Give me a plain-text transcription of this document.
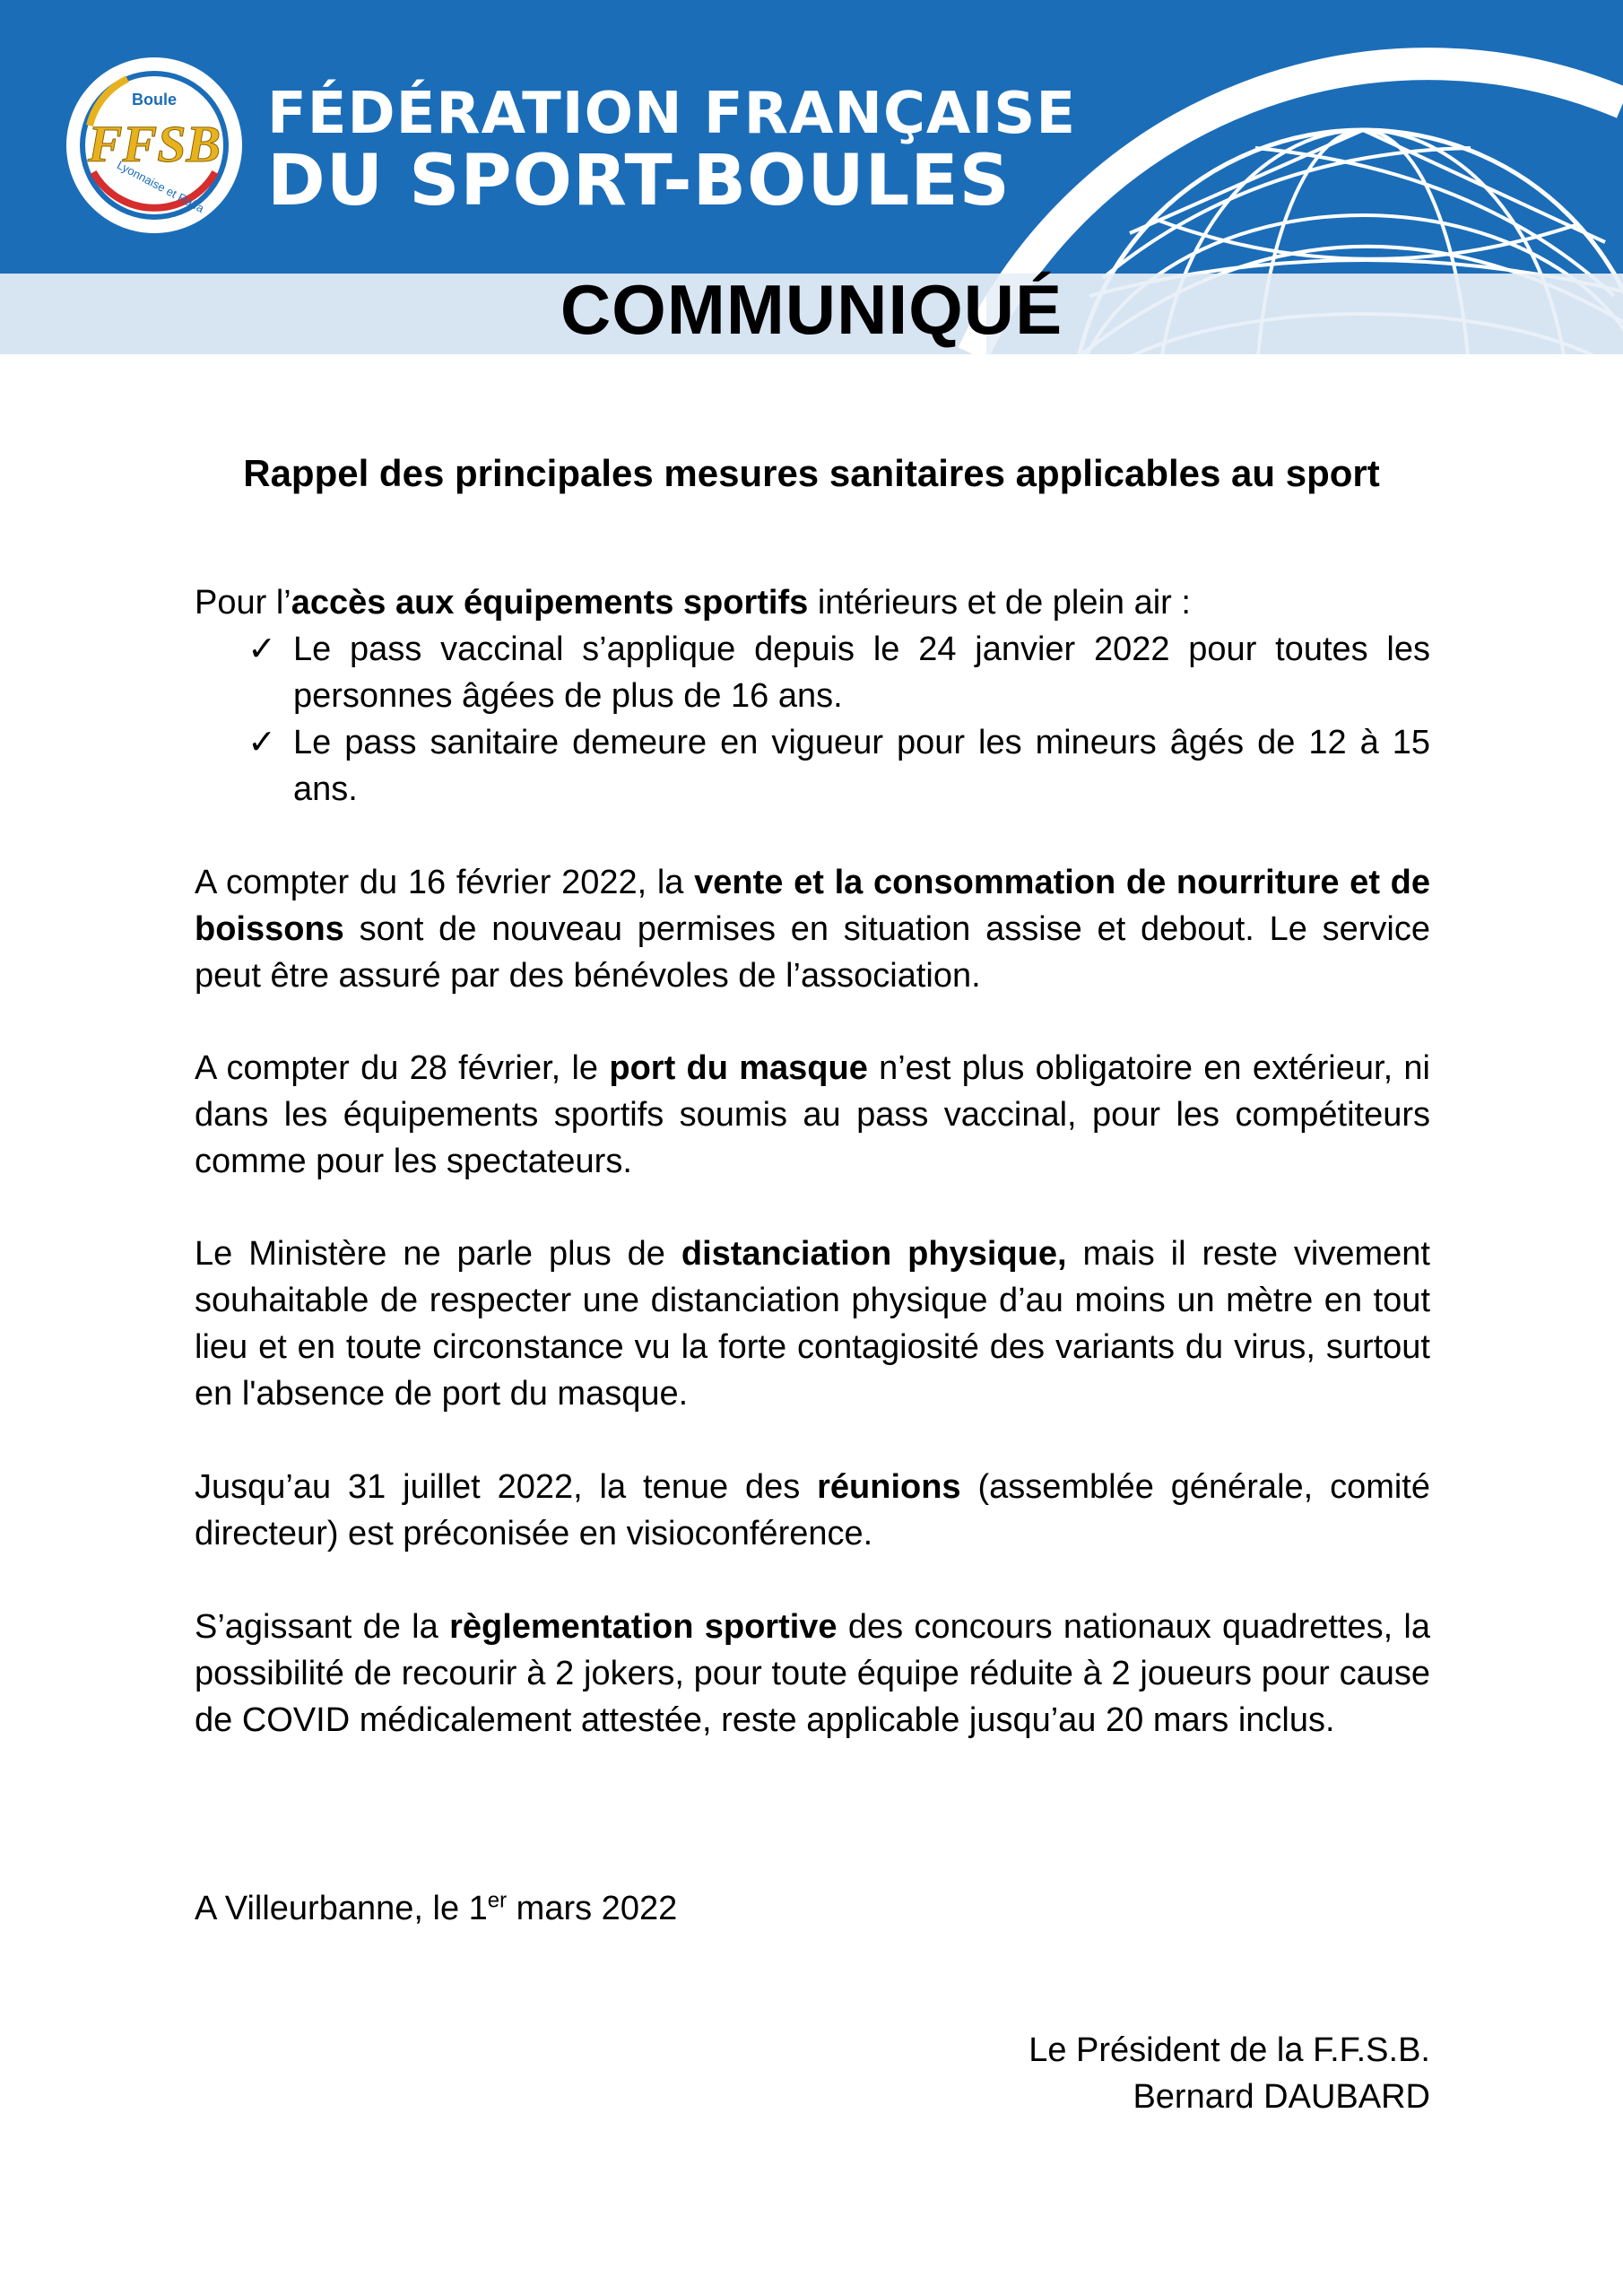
Boule
FFSB
Lyonnaise et Raffa
FÉDÉRATION FRANÇAISE
DU SPORT-BOULES
COMMUNIQUÉ
Rappel des principales mesures sanitaires applicables au sport
Pour l’accès aux équipements sportifs intérieurs et de plein air :
✓ Le pass vaccinal s’applique depuis le 24 janvier 2022 pour toutes les personnes âgées de plus de 16 ans.
✓ Le pass sanitaire demeure en vigueur pour les mineurs âgés de 12 à 15 ans.
A compter du 16 février 2022, la vente et la consommation de nourriture et de boissons sont de nouveau permises en situation assise et debout. Le service peut être assuré par des bénévoles de l’association.
A compter du 28 février, le port du masque n’est plus obligatoire en extérieur, ni dans les équipements sportifs soumis au pass vaccinal, pour les compétiteurs comme pour les spectateurs.
Le Ministère ne parle plus de distanciation physique, mais il reste vivement souhaitable de respecter une distanciation physique d’au moins un mètre en tout lieu et en toute circonstance vu la forte contagiosité des variants du virus, surtout en l'absence de port du masque.
Jusqu’au 31 juillet 2022, la tenue des réunions (assemblée générale, comité directeur) est préconisée en visioconférence.
S’agissant de la règlementation sportive des concours nationaux quadrettes, la possibilité de recourir à 2 jokers, pour toute équipe réduite à 2 joueurs pour cause de COVID médicalement attestée, reste applicable jusqu’au 20 mars inclus.
A Villeurbanne, le 1er mars 2022
Le Président de la F.F.S.B.
Bernard DAUBARD
